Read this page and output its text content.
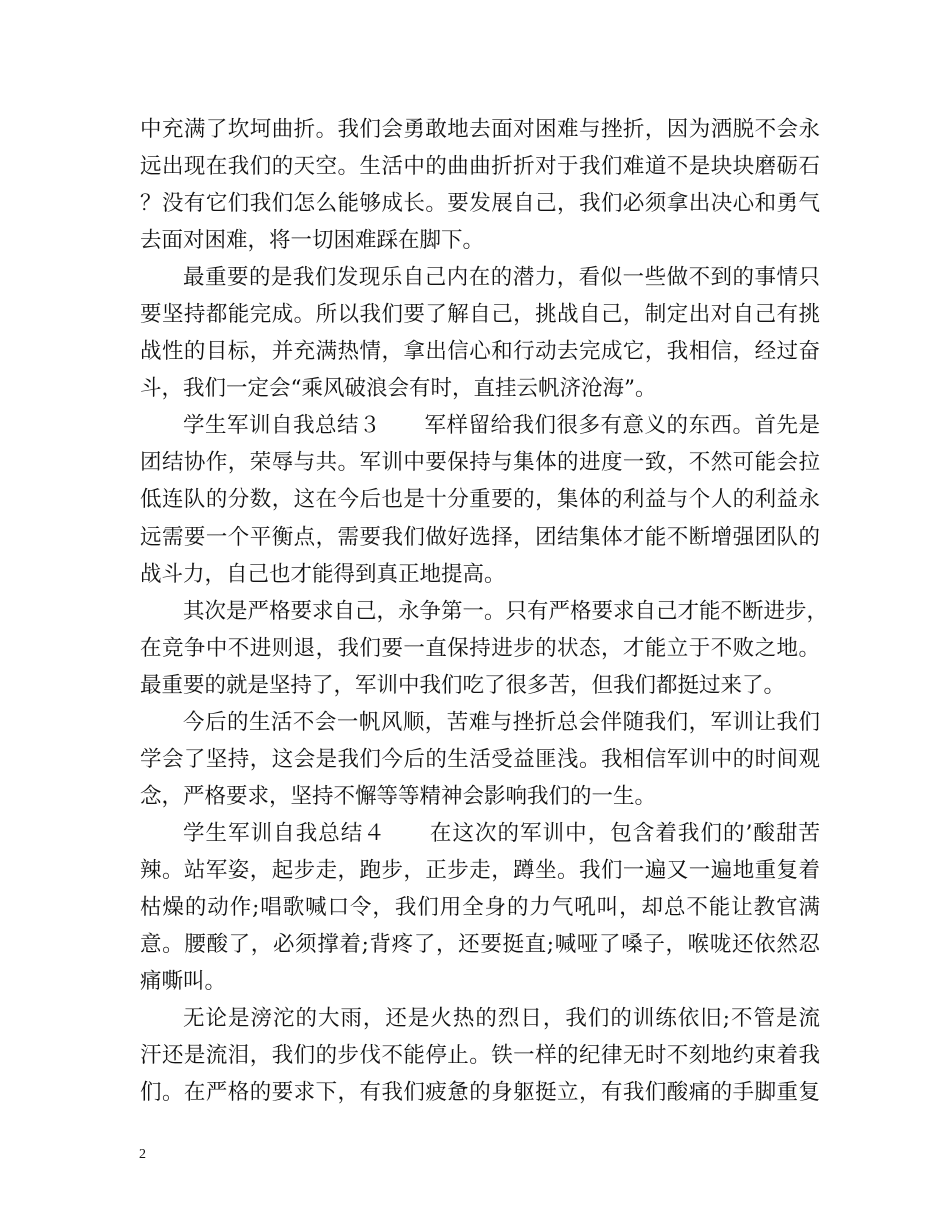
中充满了坎坷曲折。我们会勇敢地去面对困难与挫折，因为洒脱不会永
远出现在我们的天空。生活中的曲曲折折对于我们难道不是块块磨砺石
？没有它们我们怎么能够成长。要发展自己，我们必须拿出决心和勇气
去面对困难，将一切困难踩在脚下。
最重要的是我们发现乐自己内在的潜力，看似一些做不到的事情只
要坚持都能完成。所以我们要了解自己，挑战自己，制定出对自己有挑
战性的目标，并充满热情，拿出信心和行动去完成它，我相信，经过奋
斗，我们一定会“乘风破浪会有时，直挂云帆济沧海”。
学生军训自我总结３ 军样留给我们很多有意义的东西。首先是
团结协作，荣辱与共。军训中要保持与集体的进度一致，不然可能会拉
低连队的分数，这在今后也是十分重要的，集体的利益与个人的利益永
远需要一个平衡点，需要我们做好选择，团结集体才能不断增强团队的
战斗力，自己也才能得到真正地提高。
其次是严格要求自己，永争第一。只有严格要求自己才能不断进步，
在竞争中不进则退，我们要一直保持进步的状态，才能立于不败之地。
最重要的就是坚持了，军训中我们吃了很多苦，但我们都挺过来了。
今后的生活不会一帆风顺，苦难与挫折总会伴随我们，军训让我们
学会了坚持，这会是我们今后的生活受益匪浅。我相信军训中的时间观
念，严格要求，坚持不懈等等精神会影响我们的一生。
学生军训自我总结４ 在这次的军训中，包含着我们的’酸甜苦
辣。站军姿，起步走，跑步，正步走，蹲坐。我们一遍又一遍地重复着
枯燥的动作;唱歌喊口令，我们用全身的力气吼叫，却总不能让教官满
意。腰酸了，必须撑着;背疼了，还要挺直;喊哑了嗓子，喉咙还依然忍
痛嘶叫。
无论是滂沱的大雨，还是火热的烈日，我们的训练依旧;不管是流
汗还是流泪，我们的步伐不能停止。铁一样的纪律无时不刻地约束着我
们。在严格的要求下，有我们疲惫的身躯挺立，有我们酸痛的手脚重复
2
